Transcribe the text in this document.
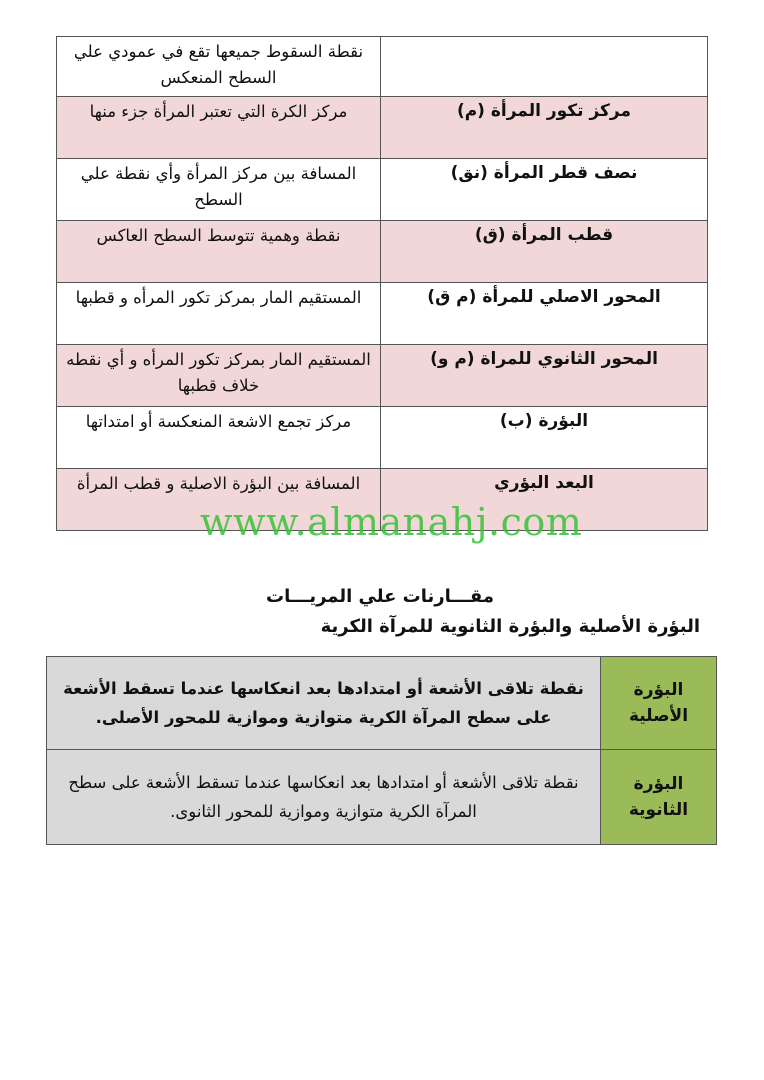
	نقطة السقوط جميعها تقع في عمودي علي السطح المنعكس
مركز تكور المرأة (م)	مركز الكرة التي تعتبر المرأة جزء منها
نصف قطر المرأة (نق)	المسافة بين مركز المرأة وأي نقطة علي السطح
قطب المرأة (ق)	نقطة وهمية تتوسط السطح العاكس
المحور الاصلي للمرأة (م ق)	المستقيم المار بمركز تكور المرأه و قطبها
المحور الثانوي للمراة (م و)	المستقيم المار بمركز تكور المرأه و أي نقطه خلاف قطبها
البؤرة (ب)	مركز تجمع الاشعة المنعكسة أو امتداتها
البعد البؤري	المسافة بين البؤرة الاصلية و قطب المرأة
www.almanahj.com
مقـــارنات علي المريـــات
البؤرة الأصلية والبؤرة الثانوية للمرآة الكرية
البؤرة الأصلية	نقطة تلاقى الأشعة أو امتدادها بعد انعكاسها عندما تسقط الأشعة على سطح المرآة الكرية متوازية وموازية للمحور الأصلى.
البؤرة الثانوية	نقطة تلاقى الأشعة أو امتدادها بعد انعكاسها عندما تسقط الأشعة على سطح المرآة الكرية متوازية وموازية للمحور الثانوى.
